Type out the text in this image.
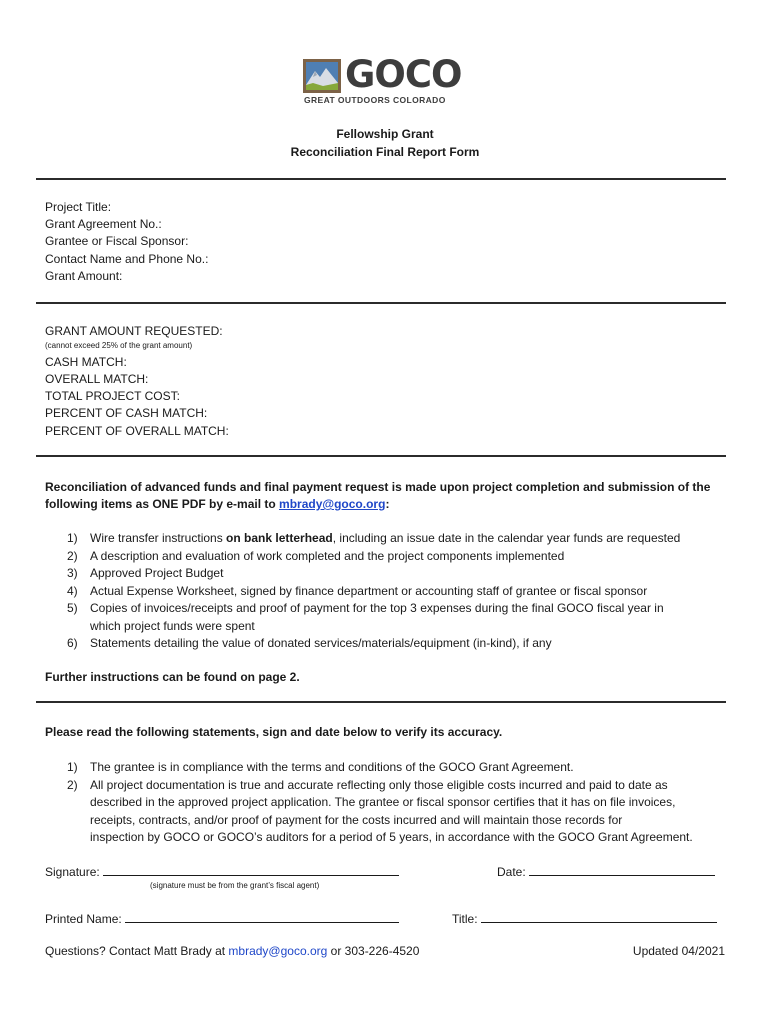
GOCO
GREAT OUTDOORS COLORADO
Fellowship Grant
Reconciliation Final Report Form
Project Title:
Grant Agreement No.:
Grantee or Fiscal Sponsor:
Contact Name and Phone No.:
Grant Amount:
GRANT AMOUNT REQUESTED:
(cannot exceed 25% of the grant amount)
CASH MATCH:
OVERALL MATCH:
TOTAL PROJECT COST:
PERCENT OF CASH MATCH:
PERCENT OF OVERALL MATCH:
Reconciliation of advanced funds and final payment request is made upon project completion and submission of the
following items as ONE PDF by e-mail to mbrady@goco.org:
1) Wire transfer instructions on bank letterhead, including an issue date in the calendar year funds are requested
2) A description and evaluation of work completed and the project components implemented
3) Approved Project Budget
4) Actual Expense Worksheet, signed by finance department or accounting staff of grantee or fiscal sponsor
5) Copies of invoices/receipts and proof of payment for the top 3 expenses during the final GOCO fiscal year in
which project funds were spent
6) Statements detailing the value of donated services/materials/equipment (in-kind), if any
Further instructions can be found on page 2.
Please read the following statements, sign and date below to verify its accuracy.
1) The grantee is in compliance with the terms and conditions of the GOCO Grant Agreement.
2) All project documentation is true and accurate reflecting only those eligible costs incurred and paid to date as
described in the approved project application. The grantee or fiscal sponsor certifies that it has on file invoices,
receipts, contracts, and/or proof of payment for the costs incurred and will maintain those records for
inspection by GOCO or GOCO’s auditors for a period of 5 years, in accordance with the GOCO Grant Agreement.
Signature:
(signature must be from the grant’s fiscal agent)
Date:
Printed Name:	Title:
Questions? Contact Matt Brady at mbrady@goco.org or 303-226-4520	Updated 04/2021
